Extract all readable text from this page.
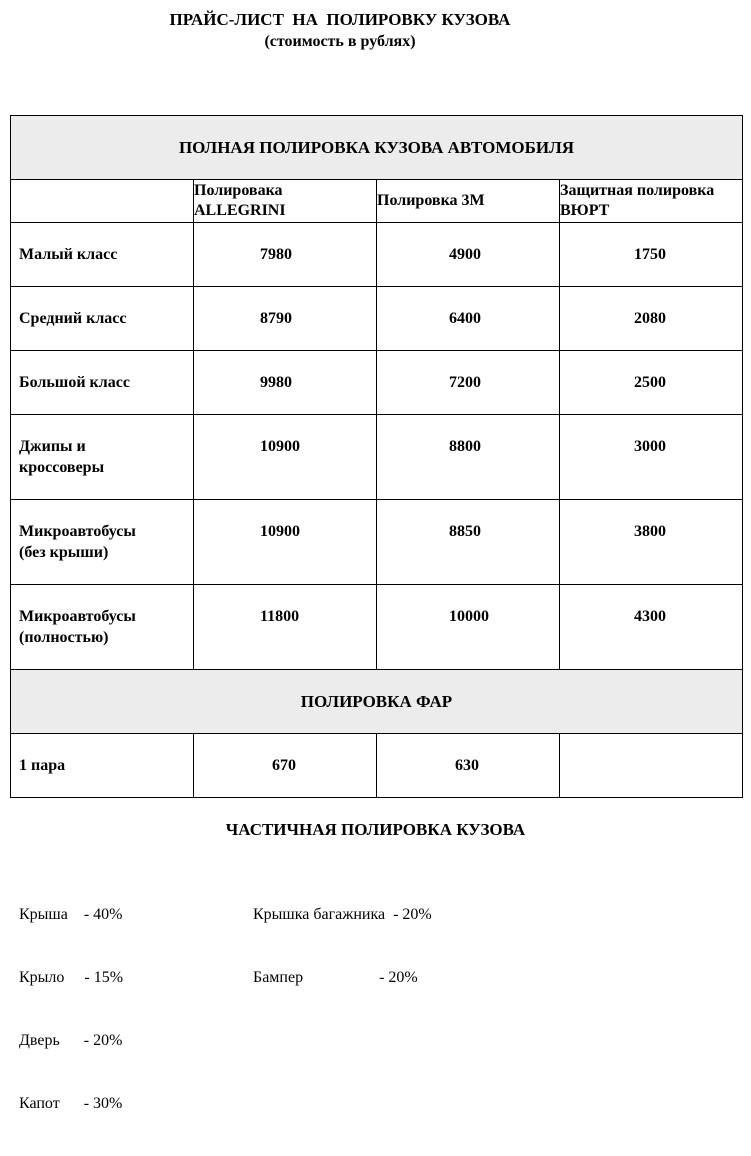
ПРАЙС-ЛИСТ  НА  ПОЛИРОВКУ КУЗОВА
(стоимость в рублях)
ПОЛНАЯ ПОЛИРОВКА КУЗОВА АВТОМОБИЛЯ			
	Полировака ALLEGRINI	Полировка 3М	Защитная полировка ВЮРТ
Малый класс	7980	4900	1750
Средний класс	8790	6400	2080
Большой класс	9980	7200	2500

Джипы и кроссоверы	10900	8800	3000

Микроавтобусы (без крыши)	10900	8850	3800

Микроавтобусы (полностью)	11800	10000	4300
ПОЛИРОВКА ФАР			
1 пара	670	630	
ЧАСТИЧНАЯ ПОЛИРОВКА КУЗОВА

Крыша    - 40%

Крыло     - 15%

Дверь      - 20%

Капот      - 30%

Крышка багажника  - 20%

Бампер                   - 20%
